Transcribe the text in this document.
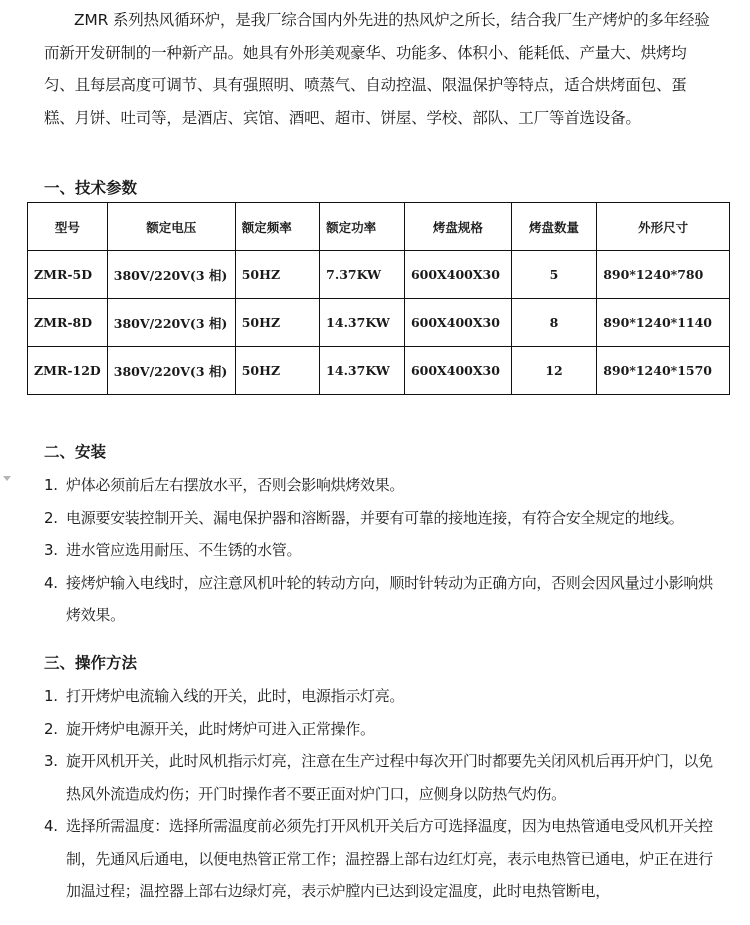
ZMR 系列热风循环炉，是我厂综合国内外先进的热风炉之所长，结合我厂生产烤炉的多年经验而新开发研制的一种新产品。她具有外形美观豪华、功能多、体积小、能耗低、产量大、烘烤均匀、且每层高度可调节、具有强照明、喷蒸气、自动控温、限温保护等特点，适合烘烤面包、蛋糕、月饼、吐司等，是酒店、宾馆、酒吧、超市、饼屋、学校、部队、工厂等首选设备。
一、技术参数
型号	额定电压	额定频率	额定功率	烤盘规格	烤盘数量	外形尺寸
ZMR-5D	380V/220V(3 相)	50HZ	7.37KW	600X400X30	5	890*1240*780
ZMR-8D	380V/220V(3 相)	50HZ	14.37KW	600X400X30	8	890*1240*1140
ZMR-12D	380V/220V(3 相)	50HZ	14.37KW	600X400X30	12	890*1240*1570
二、安装
1. 炉体必须前后左右摆放水平，否则会影响烘烤效果。
2. 电源要安装控制开关、漏电保护器和溶断器，并要有可靠的接地连接，有符合安全规定的地线。
3. 进水管应选用耐压、不生锈的水管。
4. 接烤炉输入电线时，应注意风机叶轮的转动方向，顺时针转动为正确方向，否则会因风量过小影响烘烤效果。
三、操作方法
1. 打开烤炉电流输入线的开关，此时，电源指示灯亮。
2. 旋开烤炉电源开关，此时烤炉可进入正常操作。
3. 旋开风机开关，此时风机指示灯亮，注意在生产过程中每次开门时都要先关闭风机后再开炉门，以免热风外流造成灼伤；开门时操作者不要正面对炉门口，应侧身以防热气灼伤。
4. 选择所需温度：选择所需温度前必须先打开风机开关后方可选择温度，因为电热管通电受风机开关控制，先通风后通电，以便电热管正常工作；温控器上部右边红灯亮，表示电热管已通电，炉正在进行加温过程；温控器上部右边绿灯亮，表示炉膛内已达到设定温度，此时电热管断电，
